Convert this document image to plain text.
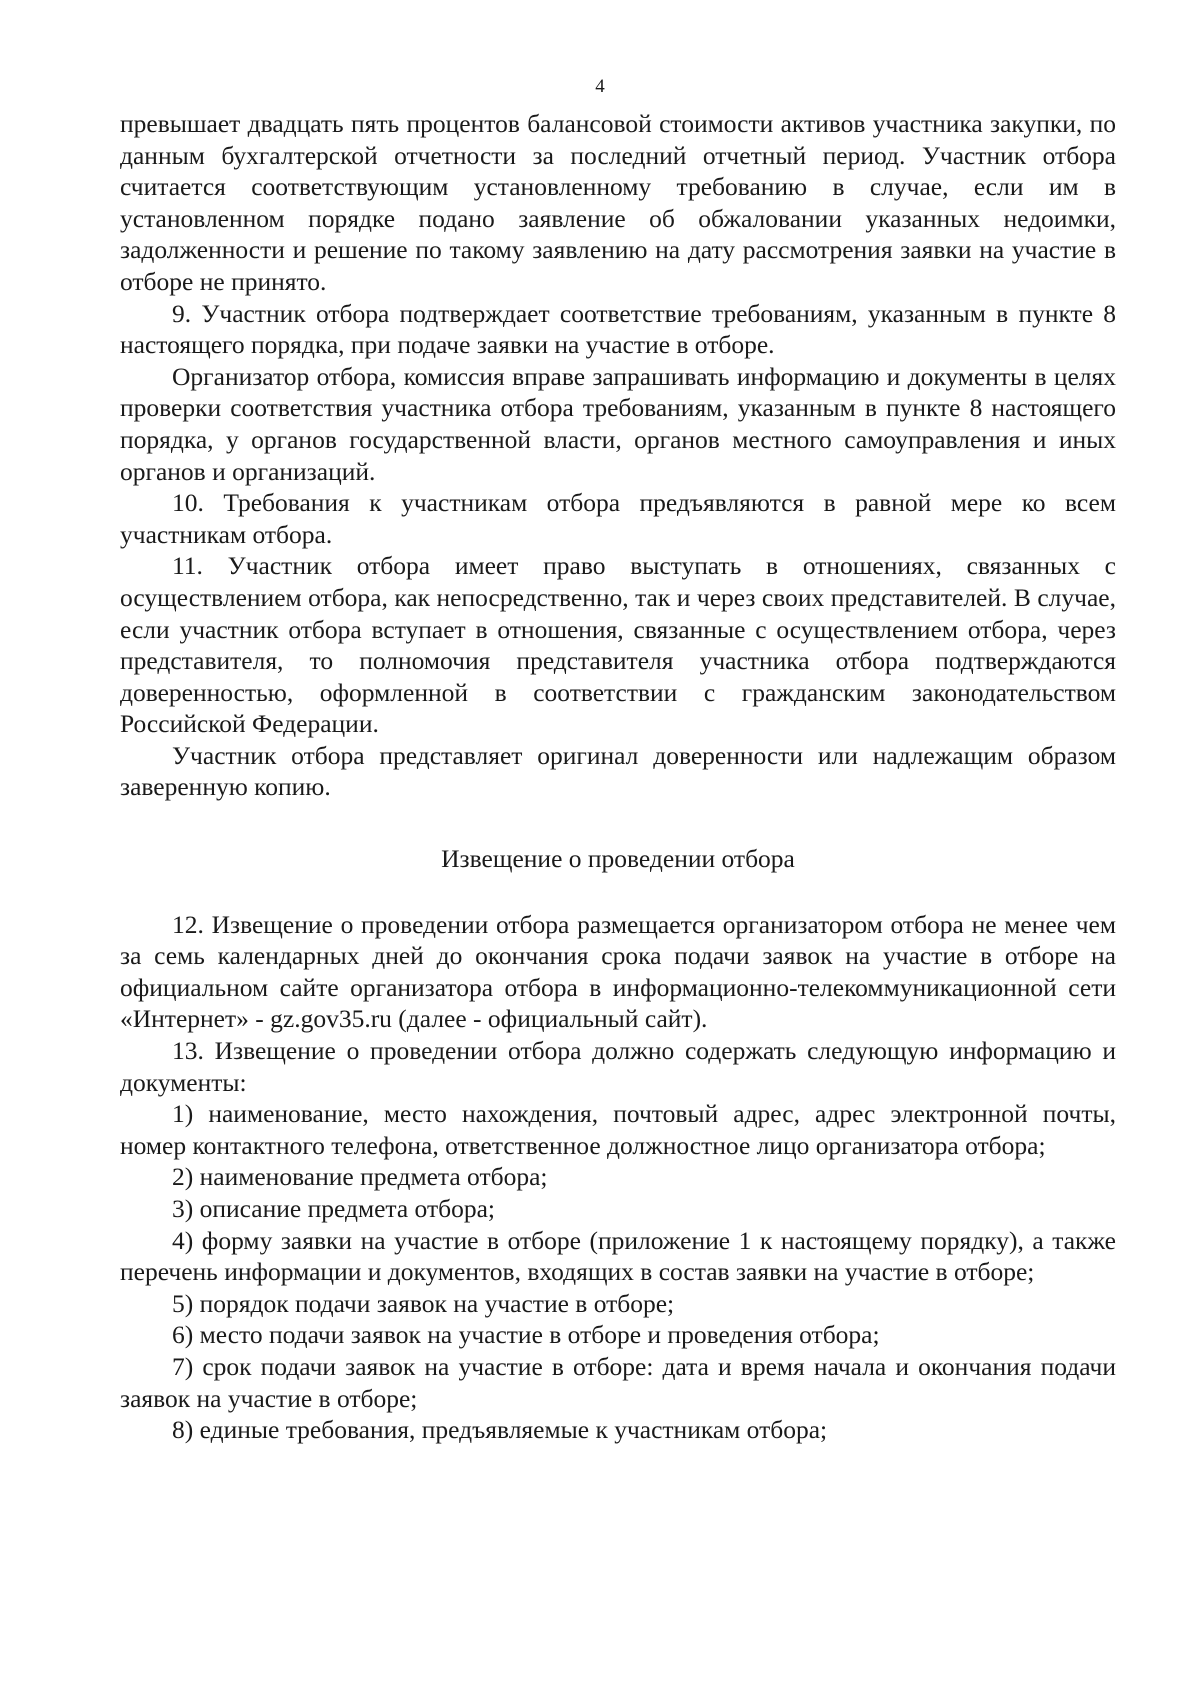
4

превышает двадцать пять процентов балансовой стоимости активов участника закупки, по данным бухгалтерской отчетности за последний отчетный период. Участник отбора считается соответствующим установленному требованию в случае, если им в установленном порядке подано заявление об обжаловании указанных недоимки, задолженности и решение по такому заявлению на дату рассмотрения заявки на участие в отборе не принято.

9. Участник отбора подтверждает соответствие требованиям, указанным в пункте 8 настоящего порядка, при подаче заявки на участие в отборе.

Организатор отбора, комиссия вправе запрашивать информацию и документы в целях проверки соответствия участника отбора требованиям, указанным в пункте 8 настоящего порядка, у органов государственной власти, органов местного самоуправления и иных органов и организаций.

10. Требования к участникам отбора предъявляются в равной мере ко всем участникам отбора.

11. Участник отбора имеет право выступать в отношениях, связанных с осуществлением отбора, как непосредственно, так и через своих представителей. В случае, если участник отбора вступает в отношения, связанные с осуществлением отбора, через представителя, то полномочия представителя участника отбора подтверждаются доверенностью, оформленной в соответствии с гражданским законодательством Российской Федерации.

Участник отбора представляет оригинал доверенности или надлежащим образом заверенную копию.

Извещение о проведении отбора

12. Извещение о проведении отбора размещается организатором отбора не менее чем за семь календарных дней до окончания срока подачи заявок на участие в отборе на официальном сайте организатора отбора в информационно-телекоммуникационной сети «Интернет» - gz.gov35.ru (далее - официальный сайт).

13. Извещение о проведении отбора должно содержать следующую информацию и документы:

1) наименование, место нахождения, почтовый адрес, адрес электронной почты, номер контактного телефона, ответственное должностное лицо организатора отбора;

2) наименование предмета отбора;

3) описание предмета отбора;

4) форму заявки на участие в отборе (приложение 1 к настоящему порядку), а также перечень информации и документов, входящих в состав заявки на участие в отборе;

5) порядок подачи заявок на участие в отборе;

6) место подачи заявок на участие в отборе и проведения отбора;

7) срок подачи заявок на участие в отборе: дата и время начала и окончания подачи заявок на участие в отборе;

8) единые требования, предъявляемые к участникам отбора;
